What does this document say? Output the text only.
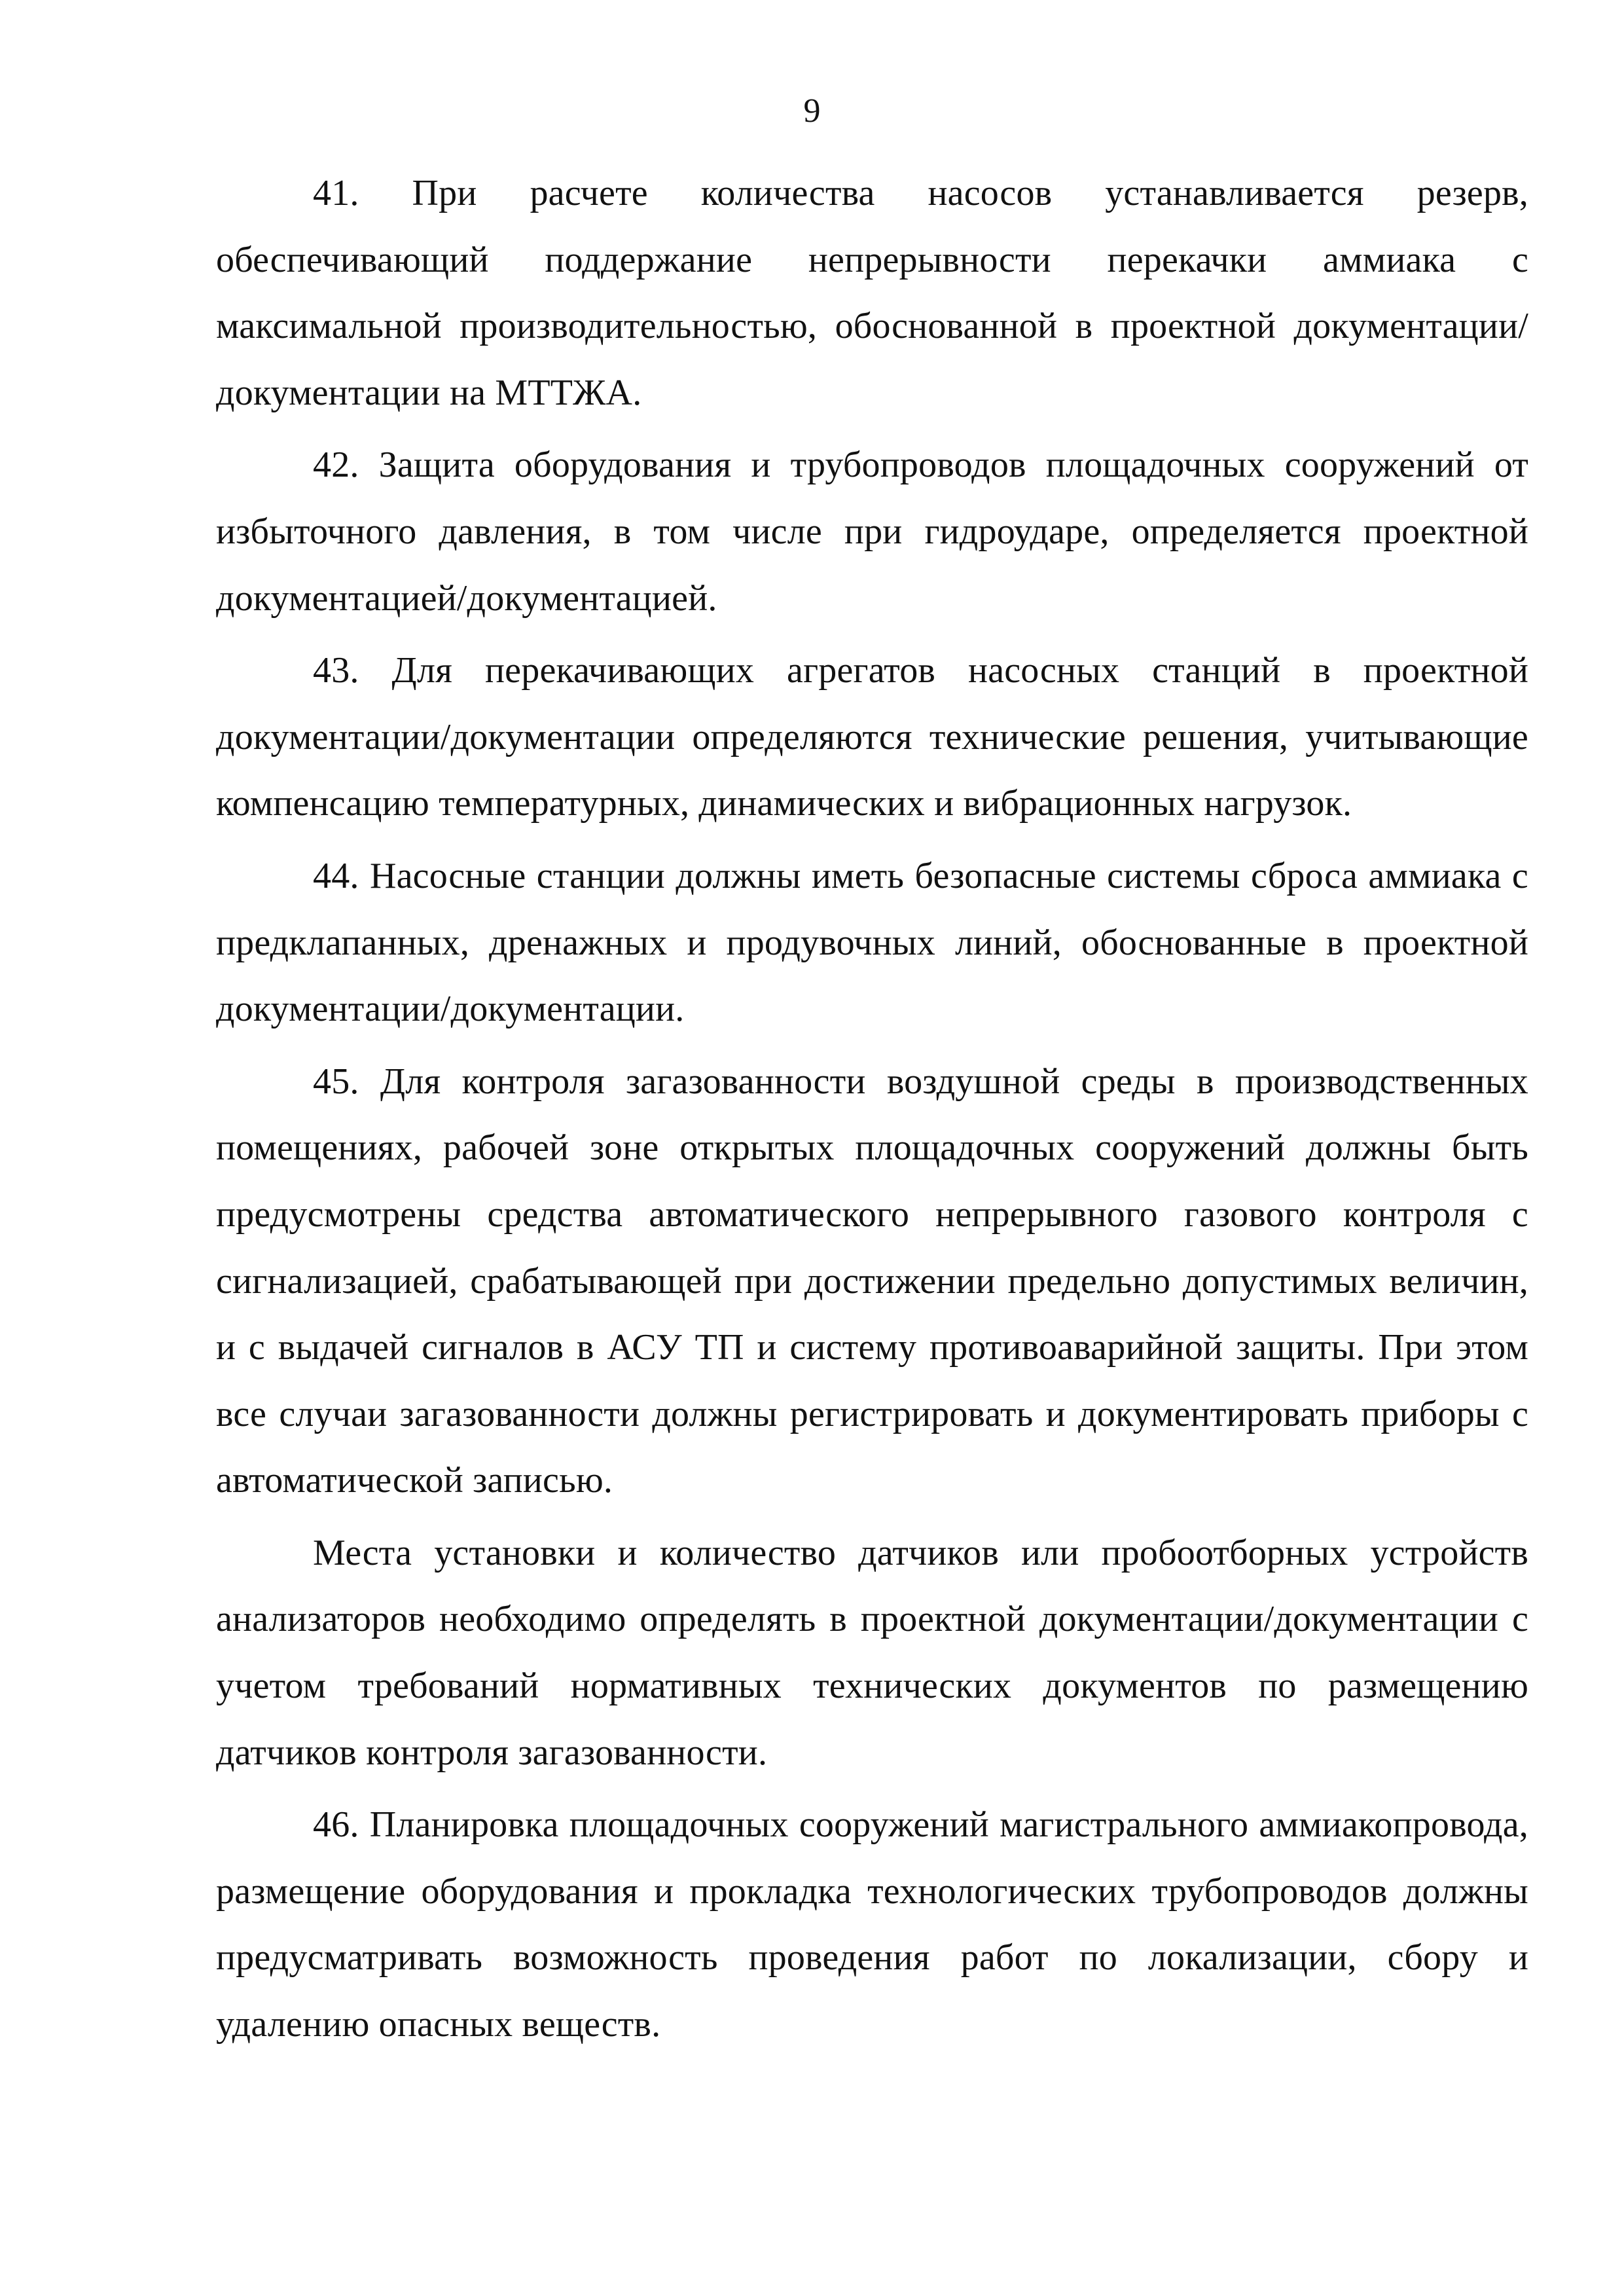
9

41. При расчете количества насосов устанавливается резерв, обеспечивающий поддержание непрерывности перекачки аммиака с максимальной производительностью, обоснованной в проектной документации/документации на МТТЖА.

42. Защита оборудования и трубопроводов площадочных сооружений от избыточного давления, в том числе при гидроударе, определяется проектной документацией/документацией.

43. Для перекачивающих агрегатов насосных станций в проектной документации/документации определяются технические решения, учитывающие компенсацию температурных, динамических и вибрационных нагрузок.

44. Насосные станции должны иметь безопасные системы сброса аммиака с предклапанных, дренажных и продувочных линий, обоснованные в проектной документации/документации.

45. Для контроля загазованности воздушной среды в производственных помещениях, рабочей зоне открытых площадочных сооружений должны быть предусмотрены средства автоматического непрерывного газового контроля с сигнализацией, срабатывающей при достижении предельно допустимых величин, и с выдачей сигналов в АСУ ТП и систему противоаварийной защиты. При этом все случаи загазованности должны регистрировать и документировать приборы с автоматической записью.

Места установки и количество датчиков или пробоотборных устройств анализаторов необходимо определять в проектной документации/документации с учетом требований нормативных технических документов по размещению датчиков контроля загазованности.

46. Планировка площадочных сооружений магистрального аммиакопровода, размещение оборудования и прокладка технологических трубопроводов должны предусматривать возможность проведения работ по локализации, сбору и удалению опасных веществ.
